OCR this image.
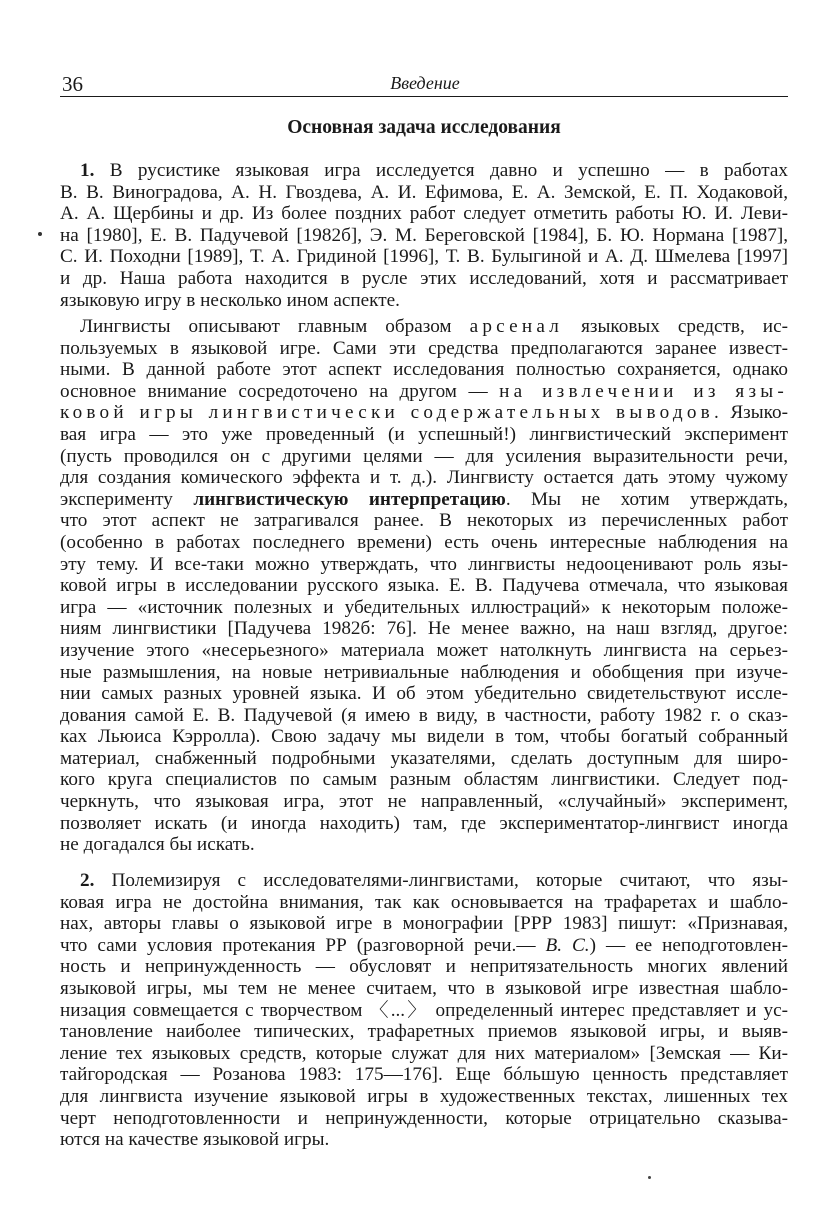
36	Введение
Основная задача исследования
1. В русистике языковая игра исследуется давно и успешно — в работах
В. В. Виноградова, А. Н. Гвоздева, А. И. Ефимова, Е. А. Земской, Е. П. Ходаковой,
А. А. Щербины и др. Из более поздних работ следует отметить работы Ю. И. Леви-
на [1980], Е. В. Падучевой [1982б], Э. М. Береговской [1984], Б. Ю. Нормана [1987],
С. И. Походни [1989], Т. А. Гридиной [1996], Т. В. Булыгиной и А. Д. Шмелева [1997]
и др. Наша работа находится в русле этих исследований, хотя и рассматривает
языковую игру в несколько ином аспекте.
Лингвисты описывают главным образом арсенал языковых средств, ис-
пользуемых в языковой игре. Сами эти средства предполагаются заранее извест-
ными. В данной работе этот аспект исследования полностью сохраняется, однако
основное внимание сосредоточено на другом — на извлечении из язы-
ковой игры лингвистически содержательных выводов. Языко-
вая игра — это уже проведенный (и успешный!) лингвистический эксперимент
(пусть проводился он с другими целями — для усиления выразительности речи,
для создания комического эффекта и т. д.). Лингвисту остается дать этому чужому
эксперименту лингвистическую интерпретацию. Мы не хотим утверждать,
что этот аспект не затрагивался ранее. В некоторых из перечисленных работ
(особенно в работах последнего времени) есть очень интересные наблюдения на
эту тему. И все-таки можно утверждать, что лингвисты недооценивают роль язы-
ковой игры в исследовании русского языка. Е. В. Падучева отмечала, что языковая
игра — «источник полезных и убедительных иллюстраций» к некоторым положе-
ниям лингвистики [Падучева 1982б: 76]. Не менее важно, на наш взгляд, другое:
изучение этого «несерьезного» материала может натолкнуть лингвиста на серьез-
ные размышления, на новые нетривиальные наблюдения и обобщения при изуче-
нии самых разных уровней языка. И об этом убедительно свидетельствуют иссле-
дования самой Е. В. Падучевой (я имею в виду, в частности, работу 1982 г. о сказ-
ках Льюиса Кэрролла). Свою задачу мы видели в том, чтобы богатый собранный
материал, снабженный подробными указателями, сделать доступным для широ-
кого круга специалистов по самым разным областям лингвистики. Следует под-
черкнуть, что языковая игра, этот не направленный, «случайный» эксперимент,
позволяет искать (и иногда находить) там, где экспериментатор-лингвист иногда
не догадался бы искать.
2. Полемизируя с исследователями-лингвистами, которые считают, что язы-
ковая игра не достойна внимания, так как основывается на трафаретах и шабло-
нах, авторы главы о языковой игре в монографии [РРР 1983] пишут: «Признавая,
что сами условия протекания РР (разговорной речи.— В. С.) — ее неподготовлен-
ность и непринужденность — обусловят и непритязательность многих явлений
языковой игры, мы тем не менее считаем, что в языковой игре известная шабло-
низация совмещается с творчеством 〈...〉 определенный интерес представляет и ус-
тановление наиболее типических, трафаретных приемов языковой игры, и выяв-
ление тех языковых средств, которые служат для них материалом» [Земская — Ки-
тайгородская — Розанова 1983: 175—176]. Еще бóльшую ценность представляет
для лингвиста изучение языковой игры в художественных текстах, лишенных тех
черт неподготовленности и непринужденности, которые отрицательно сказыва-
ются на качестве языковой игры.
